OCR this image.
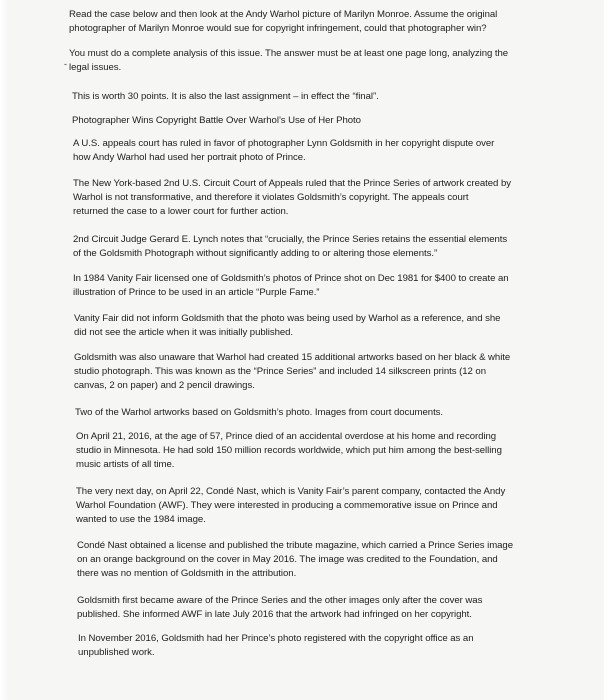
-
Read the case below and then look at the Andy Warhol picture of Marilyn Monroe. Assume the original
photographer of Marilyn Monroe would sue for copyright infringement, could that photographer win?
You must do a complete analysis of this issue. The answer must be at least one page long, analyzing the
legal issues.
This is worth 30 points. It is also the last assignment – in effect the “final”.
Photographer Wins Copyright Battle Over Warhol’s Use of Her Photo
A U.S. appeals court has ruled in favor of photographer Lynn Goldsmith in her copyright dispute over
how Andy Warhol had used her portrait photo of Prince.
The New York-based 2nd U.S. Circuit Court of Appeals ruled that the Prince Series of artwork created by
Warhol is not transformative, and therefore it violates Goldsmith’s copyright. The appeals court
returned the case to a lower court for further action.
2nd Circuit Judge Gerard E. Lynch notes that “crucially, the Prince Series retains the essential elements
of the Goldsmith Photograph without significantly adding to or altering those elements.”
In 1984 Vanity Fair licensed one of Goldsmith’s photos of Prince shot on Dec 1981 for $400 to create an
illustration of Prince to be used in an article “Purple Fame.”
Vanity Fair did not inform Goldsmith that the photo was being used by Warhol as a reference, and she
did not see the article when it was initially published.
Goldsmith was also unaware that Warhol had created 15 additional artworks based on her black & white
studio photograph. This was known as the “Prince Series” and included 14 silkscreen prints (12 on
canvas, 2 on paper) and 2 pencil drawings.
Two of the Warhol artworks based on Goldsmith’s photo. Images from court documents.
On April 21, 2016, at the age of 57, Prince died of an accidental overdose at his home and recording
studio in Minnesota. He had sold 150 million records worldwide, which put him among the best-selling
music artists of all time.
The very next day, on April 22, Condé Nast, which is Vanity Fair’s parent company, contacted the Andy
Warhol Foundation (AWF). They were interested in producing a commemorative issue on Prince and
wanted to use the 1984 image.
Condé Nast obtained a license and published the tribute magazine, which carried a Prince Series image
on an orange background on the cover in May 2016. The image was credited to the Foundation, and
there was no mention of Goldsmith in the attribution.
Goldsmith first became aware of the Prince Series and the other images only after the cover was
published. She informed AWF in late July 2016 that the artwork had infringed on her copyright.
In November 2016, Goldsmith had her Prince’s photo registered with the copyright office as an
unpublished work.
